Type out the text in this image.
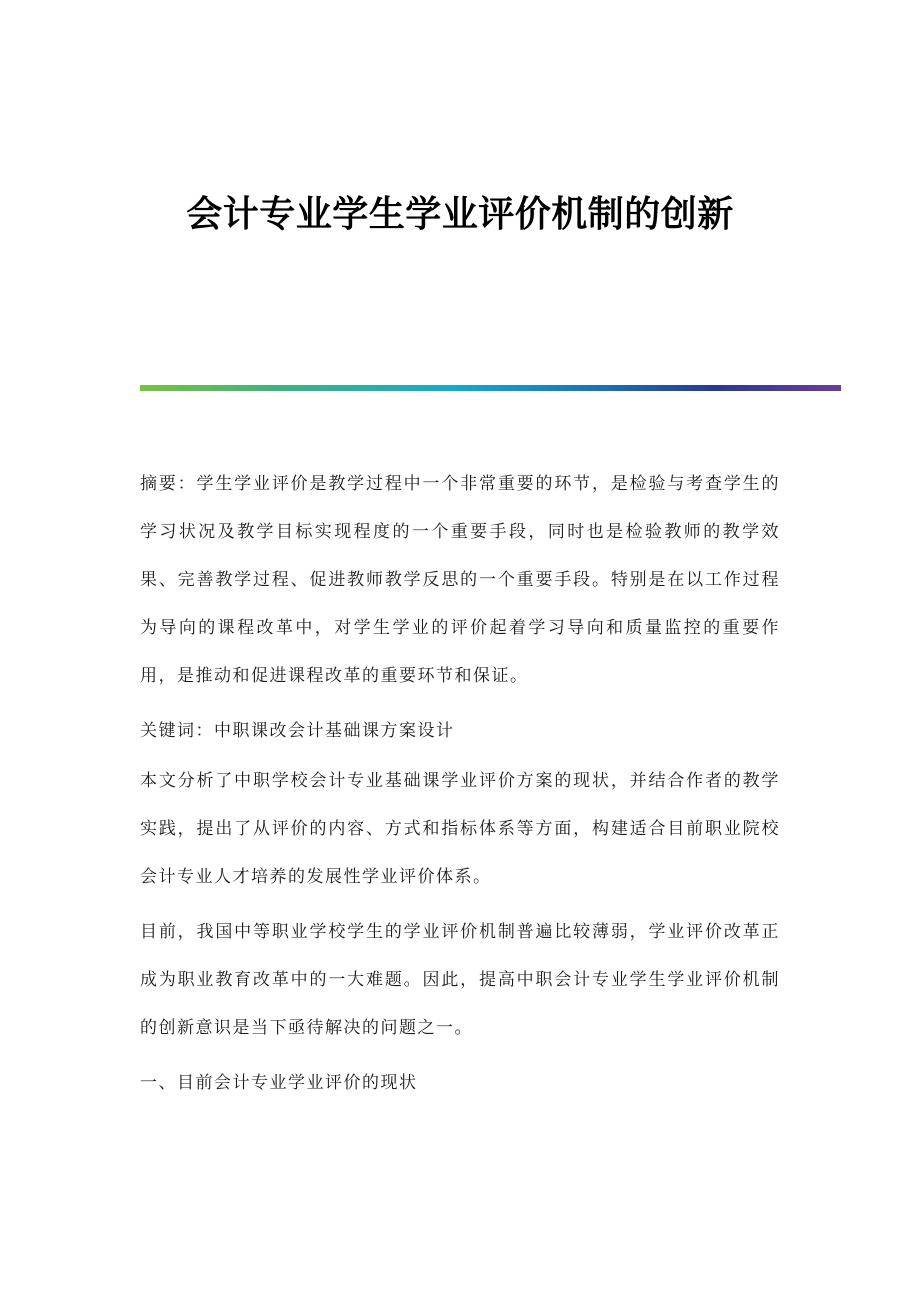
会计专业学生学业评价机制的创新

摘要：学生学业评价是教学过程中一个非常重要的环节，是检验与考查学生的学习状况及教学目标实现程度的一个重要手段，同时也是检验教师的教学效果、完善教学过程、促进教师教学反思的一个重要手段。特别是在以工作过程为导向的课程改革中，对学生学业的评价起着学习导向和质量监控的重要作用，是推动和促进课程改革的重要环节和保证。

关键词：中职课改会计基础课方案设计

本文分析了中职学校会计专业基础课学业评价方案的现状，并结合作者的教学实践，提出了从评价的内容、方式和指标体系等方面，构建适合目前职业院校会计专业人才培养的发展性学业评价体系。

目前，我国中等职业学校学生的学业评价机制普遍比较薄弱，学业评价改革正成为职业教育改革中的一大难题。因此，提高中职会计专业学生学业评价机制的创新意识是当下亟待解决的问题之一。

一、目前会计专业学业评价的现状
